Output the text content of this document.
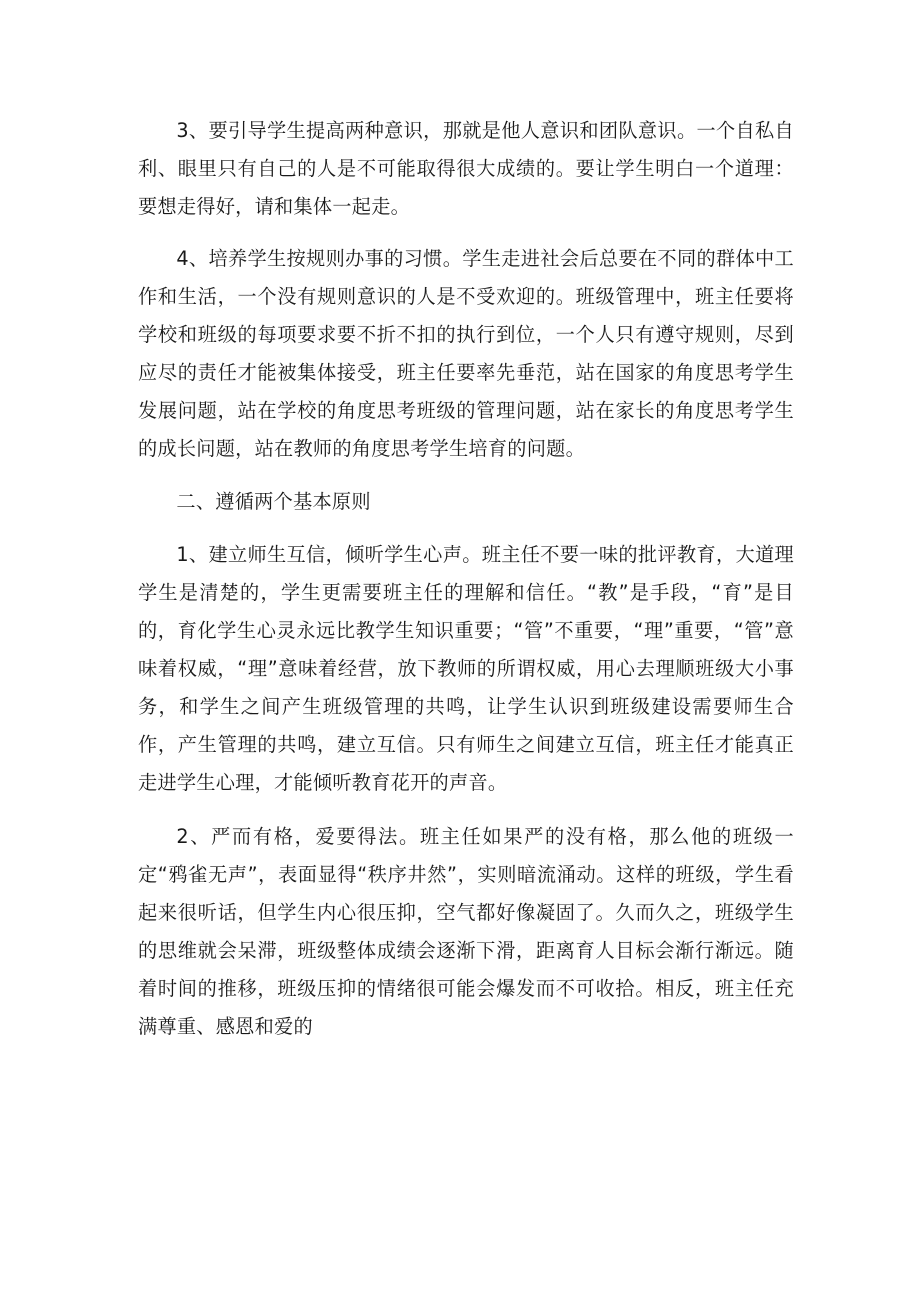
3、要引导学生提高两种意识，那就是他人意识和团队意识。一个自私自利、眼里只有自己的人是不可能取得很大成绩的。要让学生明白一个道理：要想走得好，请和集体一起走。

4、培养学生按规则办事的习惯。学生走进社会后总要在不同的群体中工作和生活，一个没有规则意识的人是不受欢迎的。班级管理中，班主任要将学校和班级的每项要求要不折不扣的执行到位，一个人只有遵守规则，尽到应尽的责任才能被集体接受，班主任要率先垂范，站在国家的角度思考学生发展问题，站在学校的角度思考班级的管理问题，站在家长的角度思考学生的成长问题，站在教师的角度思考学生培育的问题。

二、遵循两个基本原则

1、建立师生互信，倾听学生心声。班主任不要一味的批评教育，大道理学生是清楚的，学生更需要班主任的理解和信任。“教”是手段，“育”是目的，育化学生心灵永远比教学生知识重要；“管”不重要，“理”重要，“管”意味着权威，“理”意味着经营，放下教师的所谓权威，用心去理顺班级大小事务，和学生之间产生班级管理的共鸣，让学生认识到班级建设需要师生合作，产生管理的共鸣，建立互信。只有师生之间建立互信，班主任才能真正走进学生心理，才能倾听教育花开的声音。

2、严而有格，爱要得法。班主任如果严的没有格，那么他的班级一定“鸦雀无声”，表面显得“秩序井然”，实则暗流涌动。这样的班级，学生看起来很听话，但学生内心很压抑，空气都好像凝固了。久而久之，班级学生的思维就会呆滞，班级整体成绩会逐渐下滑，距离育人目标会渐行渐远。随着时间的推移，班级压抑的情绪很可能会爆发而不可收拾。相反，班主任充满尊重、感恩和爱的
